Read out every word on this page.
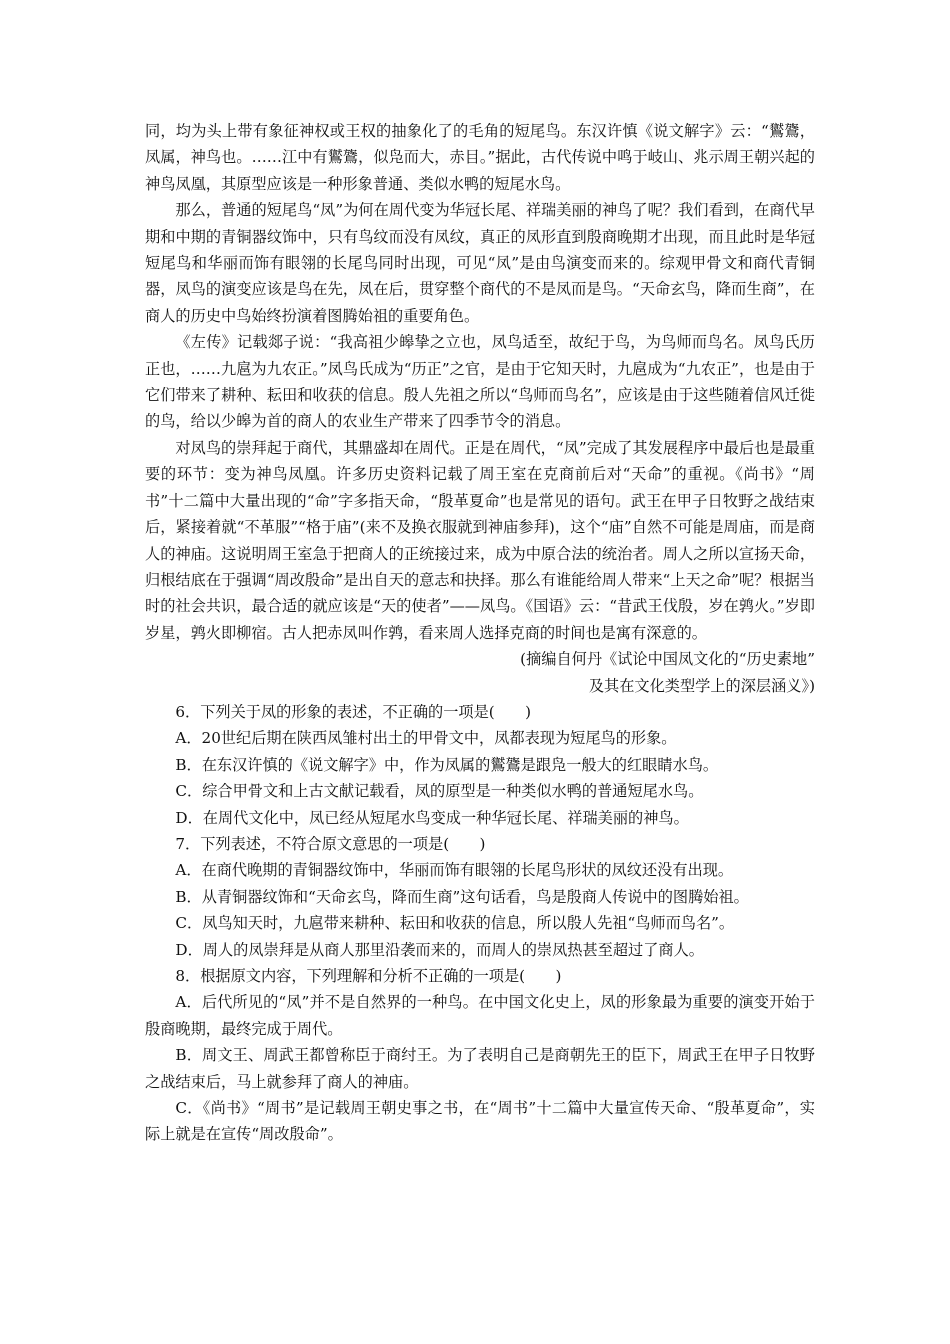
同，均为头上带有象征神权或王权的抽象化了的毛角的短尾鸟。东汉许慎《说文解字》云：“鸑鷟，凤属，神鸟也。……江中有鸑鷟，似凫而大，赤目。”据此，古代传说中鸣于岐山、兆示周王朝兴起的神鸟凤凰，其原型应该是一种形象普通、类似水鸭的短尾水鸟。

那么，普通的短尾鸟“凤”为何在周代变为华冠长尾、祥瑞美丽的神鸟了呢？我们看到，在商代早期和中期的青铜器纹饰中，只有鸟纹而没有凤纹，真正的凤形直到殷商晚期才出现，而且此时是华冠短尾鸟和华丽而饰有眼翎的长尾鸟同时出现，可见“凤”是由鸟演变而来的。综观甲骨文和商代青铜器，凤鸟的演变应该是鸟在先，凤在后，贯穿整个商代的不是凤而是鸟。“天命玄鸟，降而生商”，在商人的历史中鸟始终扮演着图腾始祖的重要角色。

《左传》记载郯子说：“我高祖少皞挚之立也，凤鸟适至，故纪于鸟，为鸟师而鸟名。凤鸟氏历正也，……九扈为九农正。”凤鸟氏成为“历正”之官，是由于它知天时，九扈成为“九农正”，也是由于它们带来了耕种、耘田和收获的信息。殷人先祖之所以“鸟师而鸟名”，应该是由于这些随着信风迁徙的鸟，给以少皞为首的商人的农业生产带来了四季节令的消息。

对凤鸟的崇拜起于商代，其鼎盛却在周代。正是在周代，“凤”完成了其发展程序中最后也是最重要的环节：变为神鸟凤凰。许多历史资料记载了周王室在克商前后对“天命”的重视。《尚书》“周书”十二篇中大量出现的“命”字多指天命，“殷革夏命”也是常见的语句。武王在甲子日牧野之战结束后，紧接着就“不革服”“格于庙”(来不及换衣服就到神庙参拜)，这个“庙”自然不可能是周庙，而是商人的神庙。这说明周王室急于把商人的正统接过来，成为中原合法的统治者。周人之所以宣扬天命，归根结底在于强调“周改殷命”是出自天的意志和抉择。那么有谁能给周人带来“上天之命”呢？根据当时的社会共识，最合适的就应该是“天的使者”——凤鸟。《国语》云：“昔武王伐殷，岁在鹑火。”岁即岁星，鹑火即柳宿。古人把赤凤叫作鹑，看来周人选择克商的时间也是寓有深意的。

(摘编自何丹《试论中国凤文化的“历史素地”

及其在文化类型学上的深层涵义》)

6．下列关于凤的形象的表述，不正确的一项是(　　)

A．20世纪后期在陕西凤雏村出土的甲骨文中，凤都表现为短尾鸟的形象。

B．在东汉许慎的《说文解字》中，作为凤属的鸑鷟是跟凫一般大的红眼睛水鸟。

C．综合甲骨文和上古文献记载看，凤的原型是一种类似水鸭的普通短尾水鸟。

D．在周代文化中，凤已经从短尾水鸟变成一种华冠长尾、祥瑞美丽的神鸟。

7．下列表述，不符合原文意思的一项是(　　)

A．在商代晚期的青铜器纹饰中，华丽而饰有眼翎的长尾鸟形状的凤纹还没有出现。

B．从青铜器纹饰和“天命玄鸟，降而生商”这句话看，鸟是殷商人传说中的图腾始祖。

C．凤鸟知天时，九扈带来耕种、耘田和收获的信息，所以殷人先祖“鸟师而鸟名”。

D．周人的凤崇拜是从商人那里沿袭而来的，而周人的崇凤热甚至超过了商人。

8．根据原文内容，下列理解和分析不正确的一项是(　　)

A．后代所见的“凤”并不是自然界的一种鸟。在中国文化史上，凤的形象最为重要的演变开始于殷商晚期，最终完成于周代。

B．周文王、周武王都曾称臣于商纣王。为了表明自己是商朝先王的臣下，周武王在甲子日牧野之战结束后，马上就参拜了商人的神庙。

C．《尚书》“周书”是记载周王朝史事之书，在“周书”十二篇中大量宣传天命、“殷革夏命”，实际上就是在宣传“周改殷命”。
